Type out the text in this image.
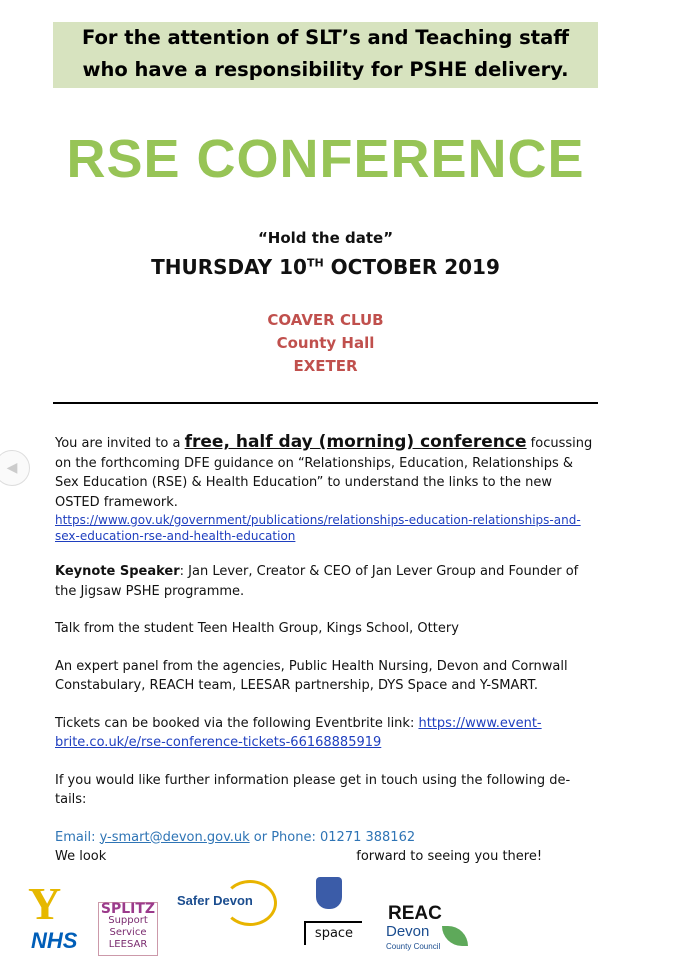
◀
For the attention of SLT’s and Teaching staff
who have a responsibility for PSHE delivery.
RSE CONFERENCE
“Hold the date”
THURSDAY 10TH OCTOBER 2019
COAVER CLUB
County Hall
EXETER

You are invited to a free, half day (morning) conference focussing on the forthcoming DFE guidance on “Relationships, Education, Relationships & Sex Education (RSE) & Health Education” to understand the links to the new OSTED framework.
https://www.gov.uk/government/publications/relationships-education-relationships-and-sex-education-rse-and-health-education

Keynote Speaker: Jan Lever, Creator & CEO of Jan Lever Group and Founder of the Jigsaw PSHE programme.

Talk from the student Teen Health Group, Kings School, Ottery

An expert panel from the agencies, Public Health Nursing, Devon and Cornwall Constabulary, REACH team, LEESAR partnership, DYS Space and Y-SMART.

Tickets can be booked via the following Eventbrite link: https://www.event-brite.co.uk/e/rse-conference-tickets-66168885919

If you would like further information please get in touch using the following de-tails:

Email: y-smart@devon.gov.uk or Phone: 01271 388162
We look	forward to seeing you there!
Y
NHS
SPLITZ
Support Service
LEESAR
Safer Devon
space
REAC
Devon
County Council
